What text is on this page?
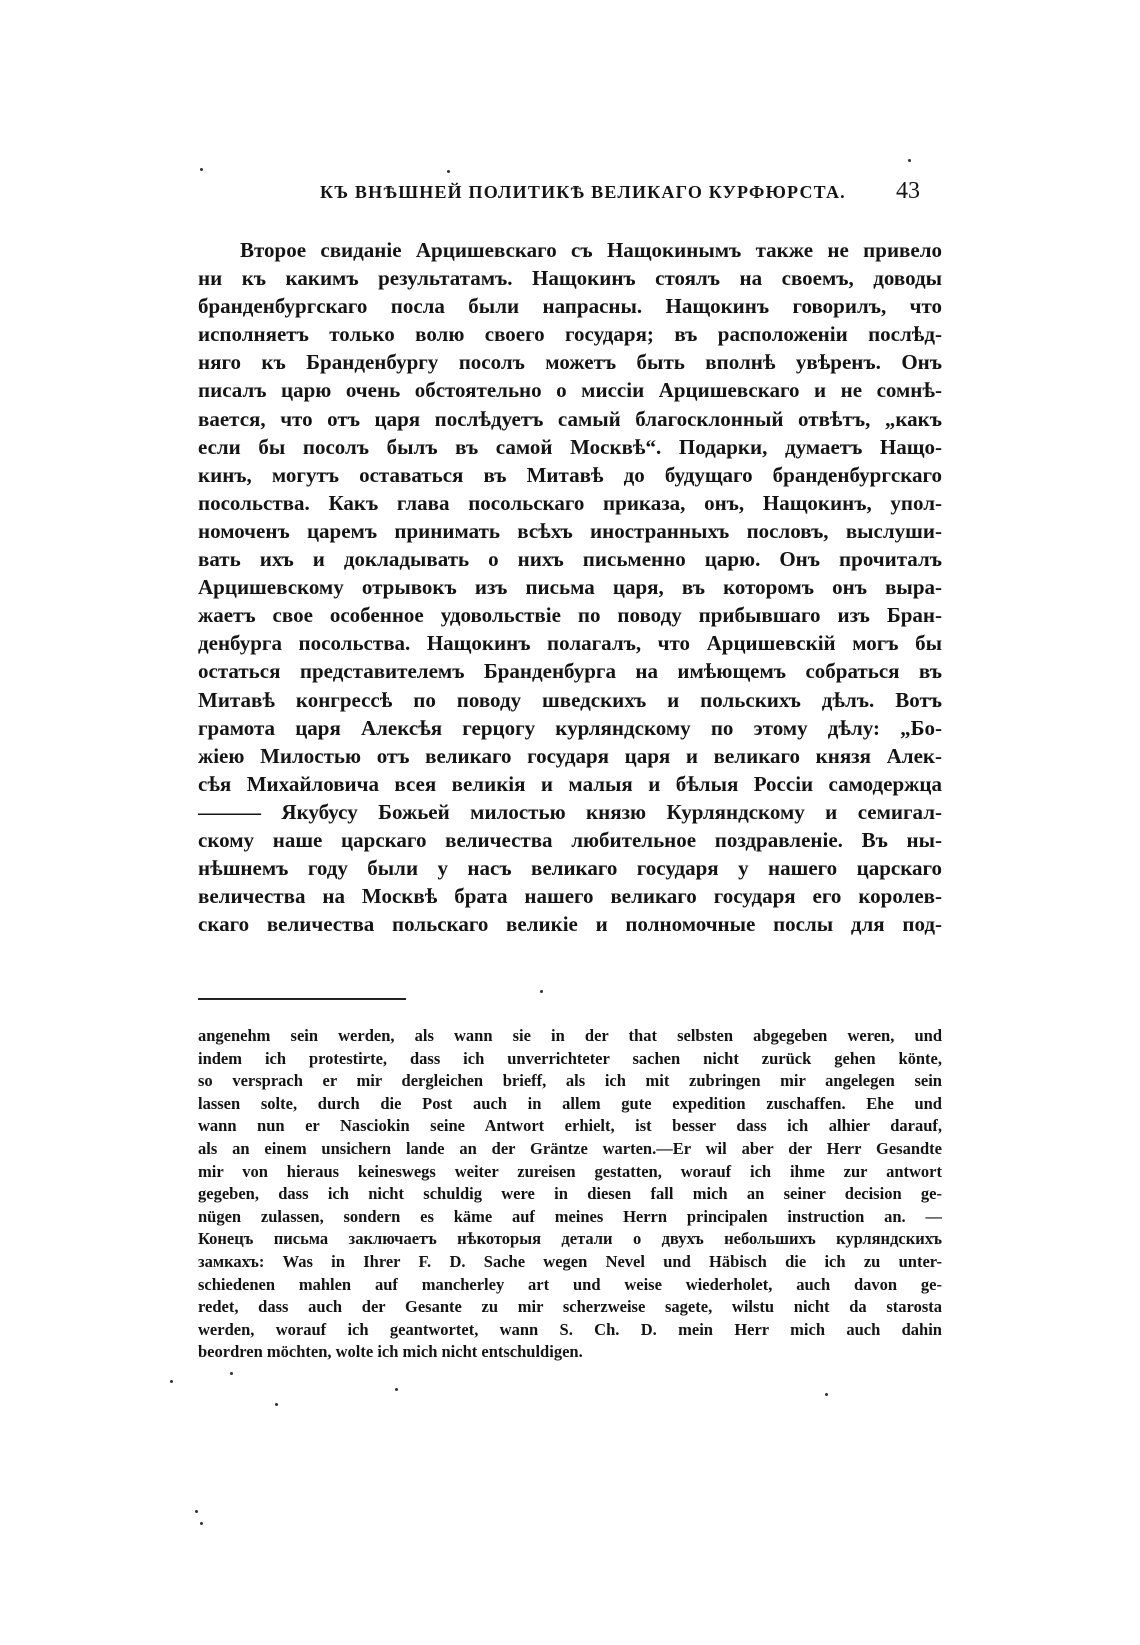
КЪ ВНѢШНЕЙ ПОЛИТИКѢ ВЕЛИКАГО КУРФЮРСТА. 43
Второе свиданіе Арцишевскаго съ Нащокинымъ также не привело
ни къ какимъ результатамъ. Нащокинъ стоялъ на своемъ, доводы
бранденбургскаго посла были напрасны. Нащокинъ говорилъ, что
исполняетъ только волю своего государя; въ расположеніи послѣд-
няго къ Бранденбургу посолъ можетъ быть вполнѣ увѣренъ. Онъ
писалъ царю очень обстоятельно о миссіи Арцишевскаго и не сомнѣ-
вается, что отъ царя послѣдуетъ самый благосклонный отвѣтъ, „какъ
если бы посолъ былъ въ самой Москвѣ“. Подарки, думаетъ Нащо-
кинъ, могутъ оставаться въ Митавѣ до будущаго бранденбургскаго
посольства. Какъ глава посольскаго приказа, онъ, Нащокинъ, упол-
номоченъ царемъ принимать всѣхъ иностранныхъ пословъ, выслуши-
вать ихъ и докладывать о нихъ письменно царю. Онъ прочиталъ
Арцишевскому отрывокъ изъ письма царя, въ которомъ онъ выра-
жаетъ свое особенное удовольствіе по поводу прибывшаго изъ Бран-
денбурга посольства. Нащокинъ полагалъ, что Арцишевскій могъ бы
остаться представителемъ Бранденбурга на имѣющемъ собраться въ
Митавѣ конгрессѣ по поводу шведскихъ и польскихъ дѣлъ. Вотъ
грамота царя Алексѣя герцогу курляндскому по этому дѣлу: „Бо-
жіею Милостью отъ великаго государя царя и великаго князя Алек-
сѣя Михайловича всея великія и малыя и бѣлыя Россіи самодержца
——— Якубусу Божьей милостью князю Курляндскому и семигал-
скому наше царскаго величества любительное поздравленіе. Въ ны-
нѣшнемъ году были у насъ великаго государя у нашего царскаго
величества на Москвѣ брата нашего великаго государя его королев-
скаго величества польскаго великіе и полномочные послы для под-
angenehm sein werden, als wann sie in der that selbsten abgegeben weren, und
indem ich protestirte, dass ich unverrichteter sachen nicht zurück gehen könte,
so versprach er mir dergleichen brieff, als ich mit zubringen mir angelegen sein
lassen solte, durch die Post auch in allem gute expedition zuschaffen. Ehe und
wann nun er Nasciokin seine Antwort erhielt, ist besser dass ich alhier darauf,
als an einem unsichern lande an der Gräntze warten.—Er wil aber der Herr Gesandte
mir von hieraus keineswegs weiter zureisen gestatten, worauf ich ihme zur antwort
gegeben, dass ich nicht schuldig were in diesen fall mich an seiner decision ge-
nügen zulassen, sondern es käme auf meines Herrn principalen instruction an. —
Конецъ письма заключаетъ нѣкоторыя детали о двухъ небольшихъ курляндскихъ
замкахъ: Was in Ihrer F. D. Sache wegen Nevel und Häbisch die ich zu unter-
schiedenen mahlen auf mancherley art und weise wiederholet, auch davon ge-
redet, dass auch der Gesante zu mir scherzweise sagete, wilstu nicht da starosta
werden, worauf ich geantwortet, wann S. Ch. D. mein Herr mich auch dahin
beordren möchten, wolte ich mich nicht entschuldigen.
